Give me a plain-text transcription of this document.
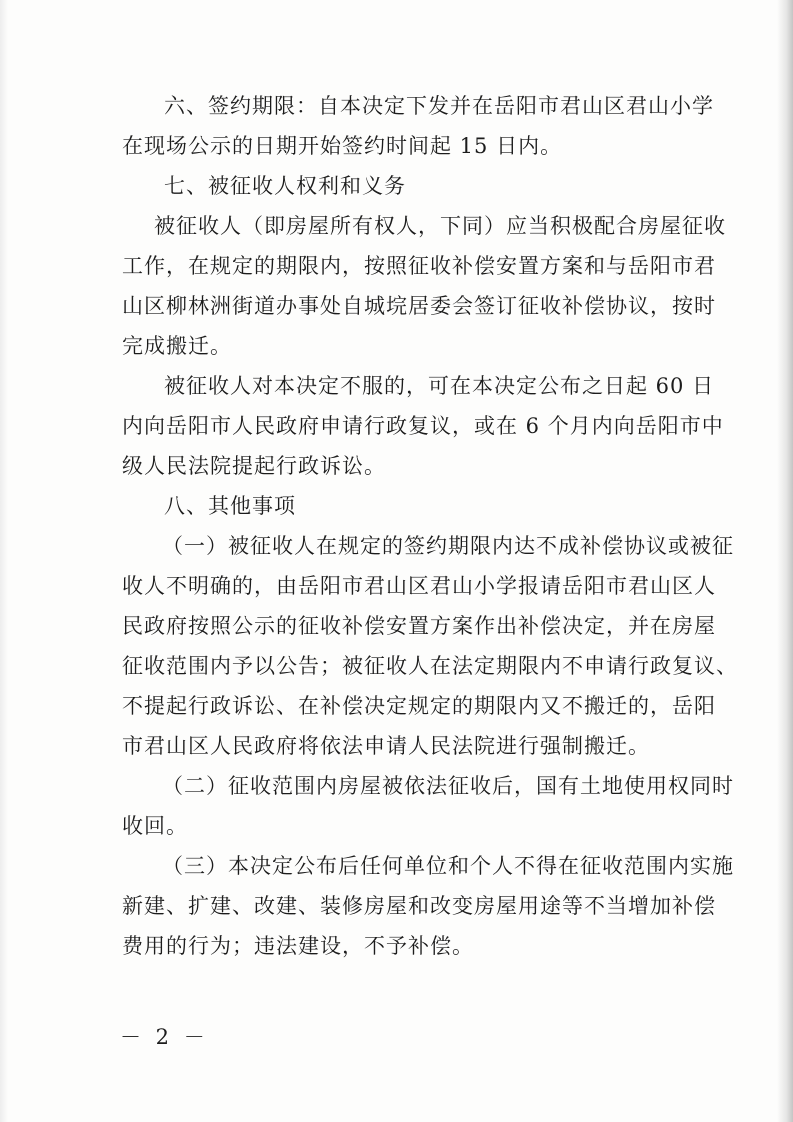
六、签约期限：自本决定下发并在岳阳市君山区君山小学
在现场公示的日期开始签约时间起 15 日内。
七、被征收人权利和义务
被征收人（即房屋所有权人，下同）应当积极配合房屋征收
工作，在规定的期限内，按照征收补偿安置方案和与岳阳市君
山区柳林洲街道办事处自城垸居委会签订征收补偿协议，按时
完成搬迁。
被征收人对本决定不服的，可在本决定公布之日起 60 日
内向岳阳市人民政府申请行政复议，或在 6 个月内向岳阳市中
级人民法院提起行政诉讼。
八、其他事项
（一）被征收人在规定的签约期限内达不成补偿协议或被征
收人不明确的，由岳阳市君山区君山小学报请岳阳市君山区人
民政府按照公示的征收补偿安置方案作出补偿决定，并在房屋
征收范围内予以公告；被征收人在法定期限内不申请行政复议、
不提起行政诉讼、在补偿决定规定的期限内又不搬迁的，岳阳
市君山区人民政府将依法申请人民法院进行强制搬迁。
（二）征收范围内房屋被依法征收后，国有土地使用权同时
收回。
（三）本决定公布后任何单位和个人不得在征收范围内实施
新建、扩建、改建、装修房屋和改变房屋用途等不当增加补偿
费用的行为；违法建设，不予补偿。
－ 2 －
